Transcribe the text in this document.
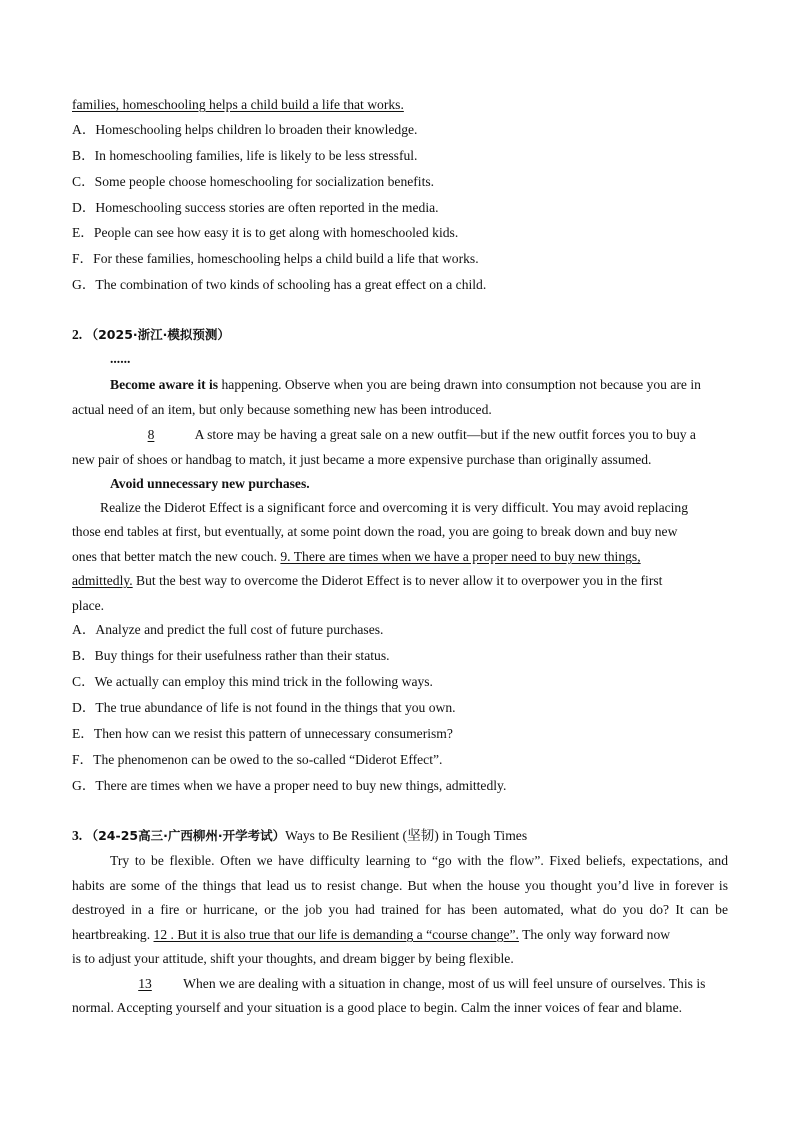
families, homeschooling helps a child build a life that works.
A．Homeschooling helps children lo broaden their knowledge.
B．In homeschooling families, life is likely to be less stressful.
C．Some people choose homeschooling for socialization benefits.
D．Homeschooling success stories are often reported in the media.
E．People can see how easy it is to get along with homeschooled kids.
F．For these families, homeschooling helps a child build a life that works.
G．The combination of two kinds of schooling has a great effect on a child.
2. （2025·浙江·模拟预测）
......
Become aware it is happening. Observe when you are being drawn into consumption not because you are in
actual need of an item, but only because something new has been introduced.
8	A store may be having a great sale on a new outfit—but if the new outfit forces you to buy a
new pair of shoes or handbag to match, it just became a more expensive purchase than originally assumed.
Avoid unnecessary new purchases.
Realize the Diderot Effect is a significant force and overcoming it is very difficult. You may avoid replacing
those end tables at first, but eventually, at some point down the road, you are going to break down and buy new
ones that better match the new couch. 9. There are times when we have a proper need to buy new things,
admittedly. But the best way to overcome the Diderot Effect is to never allow it to overpower you in the first
place.
A．Analyze and predict the full cost of future purchases.
B．Buy things for their usefulness rather than their status.
C．We actually can employ this mind trick in the following ways.
D．The true abundance of life is not found in the things that you own.
E．Then how can we resist this pattern of unnecessary consumerism?
F．The phenomenon can be owed to the so-called “Diderot Effect”.
G．There are times when we have a proper need to buy new things, admittedly.
3. （24-25高三·广西柳州·开学考试）Ways to Be Resilient (坚韧) in Tough Times
Try to be flexible. Often we have difficulty learning to “go with the flow”. Fixed beliefs, expectations, and
habits are some of the things that lead us to resist change. But when the house you thought you’d live in forever is
destroyed in a fire or hurricane, or the job you had trained for has been automated, what do you do? It can be
heartbreaking. 12 . But it is also true that our life is demanding a “course change”. The only way forward now
is to adjust your attitude, shift your thoughts, and dream bigger by being flexible.
13 When we are dealing with a situation in change, most of us will feel unsure of ourselves. This is
normal. Accepting yourself and your situation is a good place to begin. Calm the inner voices of fear and blame.
